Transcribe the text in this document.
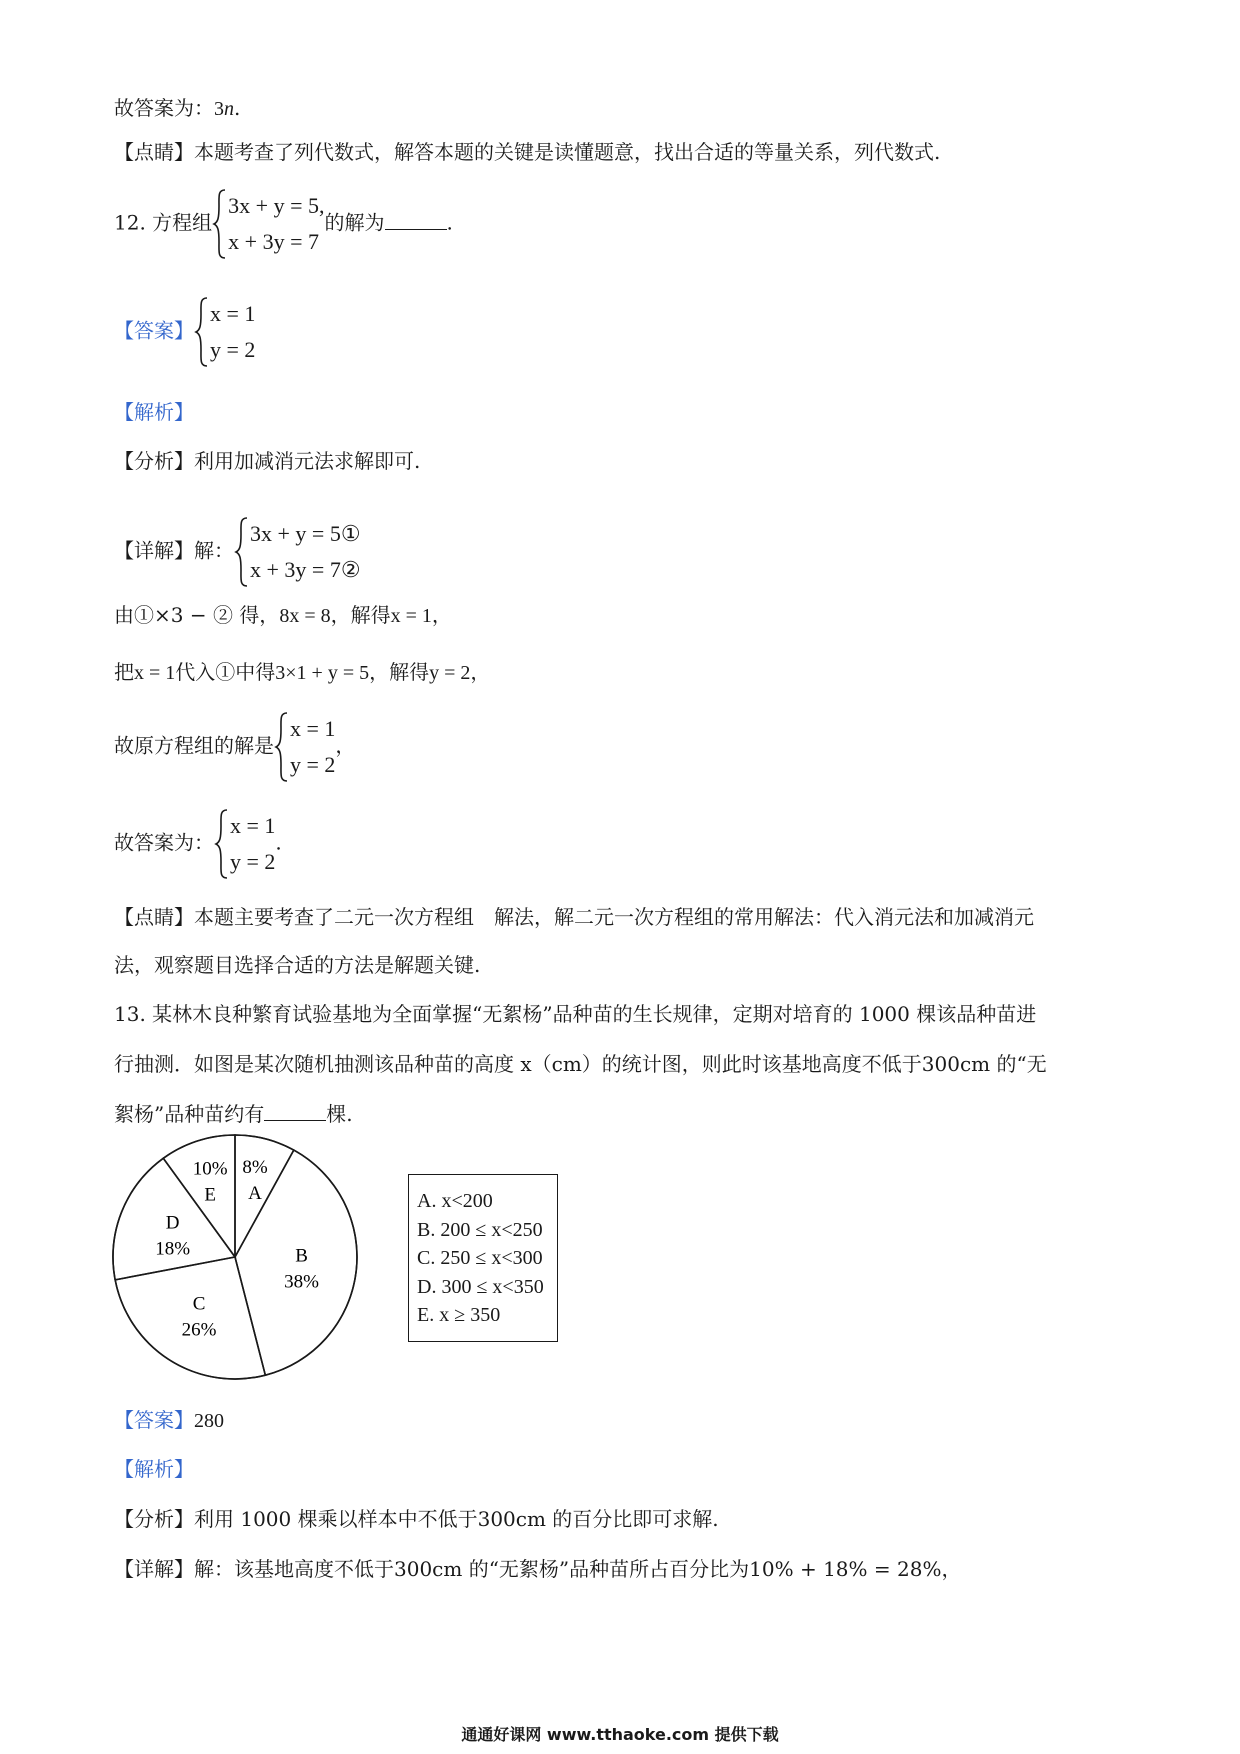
故答案为：3n.
【点睛】本题考查了列代数式，解答本题的关键是读懂题意，找出合适的等量关系，列代数式.
12. 方程组
3x + y = 5,
x + 3y = 7
的解为	.
【答案】
x = 1
y = 2
【解析】
【分析】利用加减消元法求解即可.
【详解】解：
3x + y = 5①
x + 3y = 7②
由①×3 − ② 得，8x = 8，解得x = 1，
把x = 1代入①中得3×1 + y = 5，解得y = 2，
故原方程组的解是
x = 1
y = 2
，
故答案为：
x = 1
y = 2
.
【点睛】本题主要考查了二元一次方程组　解法，解二元一次方程组的常用解法：代入消元法和加减消元
法，观察题目选择合适的方法是解题关键.
13. 某林木良种繁育试验基地为全面掌握“无絮杨”品种苗的生长规律，定期对培育的 1000 棵该品种苗进
行抽测．如图是某次随机抽测该品种苗的高度 x（cm）的统计图，则此时该基地高度不低于300cm 的“无
絮杨”品种苗约有	棵.
A
8%
B
38%
C
26%
D
18%
E
10%
A. x<200
B. 200 ≤ x<250
C. 250 ≤ x<300
D. 300 ≤ x<350
E. x ≥ 350
【答案】280
【解析】
【分析】利用 1000 棵乘以样本中不低于300cm 的百分比即可求解.
【详解】解：该基地高度不低于300cm 的“无絮杨”品种苗所占百分比为10% + 18% = 28%，
通通好课网 www.tthaoke.com 提供下载
